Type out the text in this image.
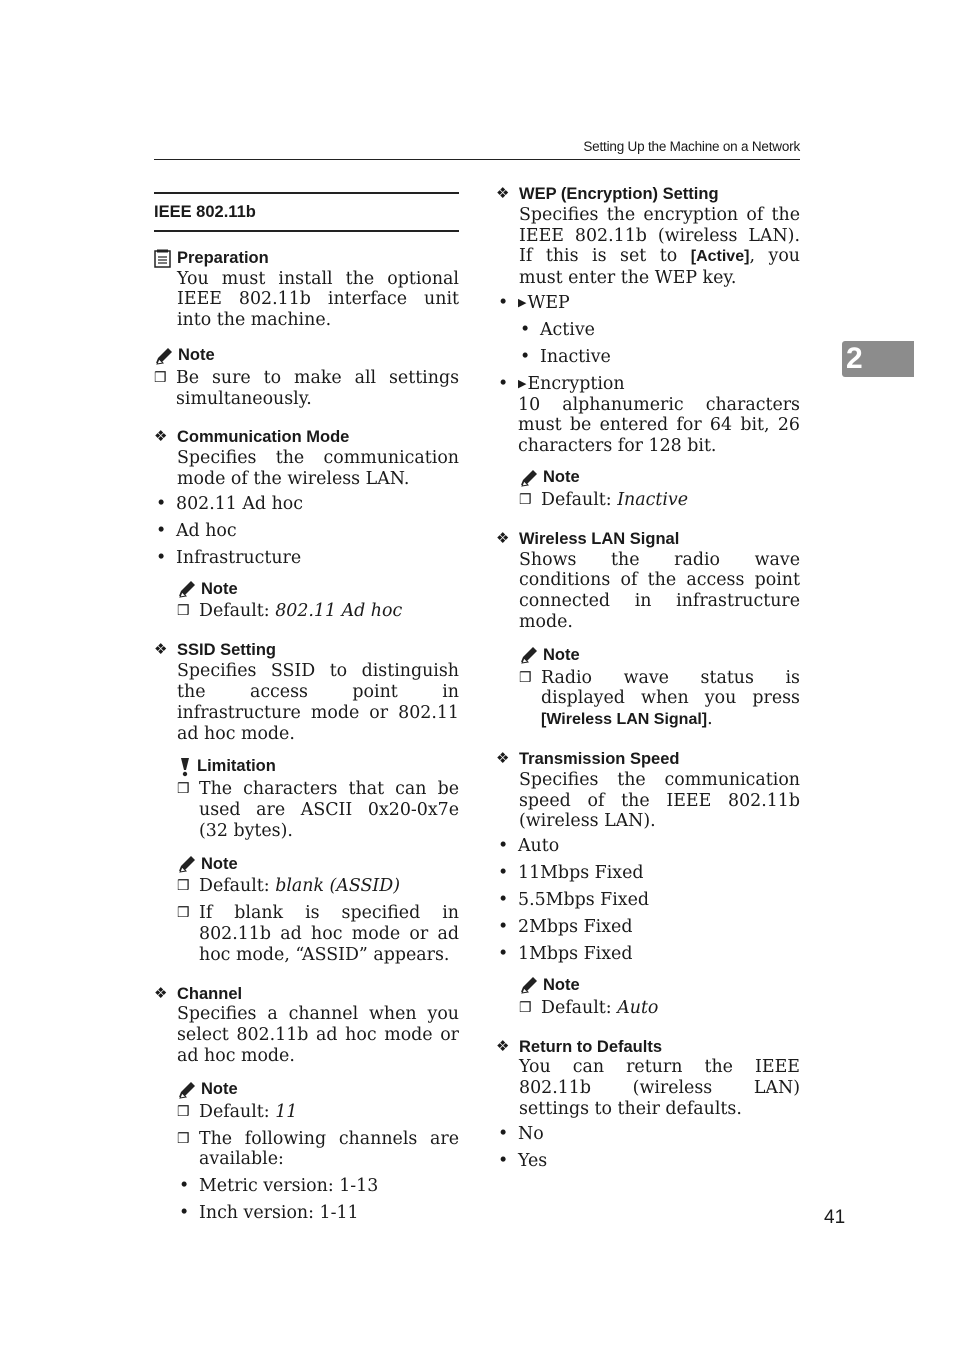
Setting Up the Machine on a Network
2
41
IEEE 802.11b
Preparation
You must install the optional IEEE 802.11b interface unit into the machine.
Note
❒ Be sure to make all settings simultaneously.
❖ Communication Mode
Specifies the communication mode of the wireless LAN.
• 802.11 Ad hoc
• Ad hoc
• Infrastructure
Note
❒ Default: 802.11 Ad hoc
❖ SSID Setting
Specifies SSID to distinguish the access point in infrastructure mode or 802.11 ad hoc mode.
Limitation
❒ The characters that can be used are ASCII 0x20-0x7e (32 bytes).
Note
❒ Default: blank (ASSID)
❒ If blank is specified in 802.11b ad hoc mode or ad hoc mode, “ASSID” appears.
❖ Channel
Specifies a channel when you select 802.11b ad hoc mode or ad hoc mode.
Note
❒ Default: 11
❒ The following channels are available:
• Metric version: 1-13
• Inch version: 1-11
❖ WEP (Encryption) Setting
Specifies the encryption of the IEEE 802.11b (wireless LAN). If this is set to [Active], you must enter the WEP key.
• ▶WEP
• Active
• Inactive
• ▶Encryption
10 alphanumeric characters must be entered for 64 bit, 26 characters for 128 bit.
Note
❒ Default: Inactive
❖ Wireless LAN Signal
Shows the radio wave conditions of the access point connected in infrastructure mode.
Note
❒ Radio wave status is displayed when you press [Wireless LAN Signal].
❖ Transmission Speed
Specifies the communication speed of the IEEE 802.11b (wireless LAN).
• Auto
• 11Mbps Fixed
• 5.5Mbps Fixed
• 2Mbps Fixed
• 1Mbps Fixed
Note
❒ Default: Auto
❖ Return to Defaults
You can return the IEEE 802.11b (wireless LAN) settings to their defaults.
• No
• Yes
